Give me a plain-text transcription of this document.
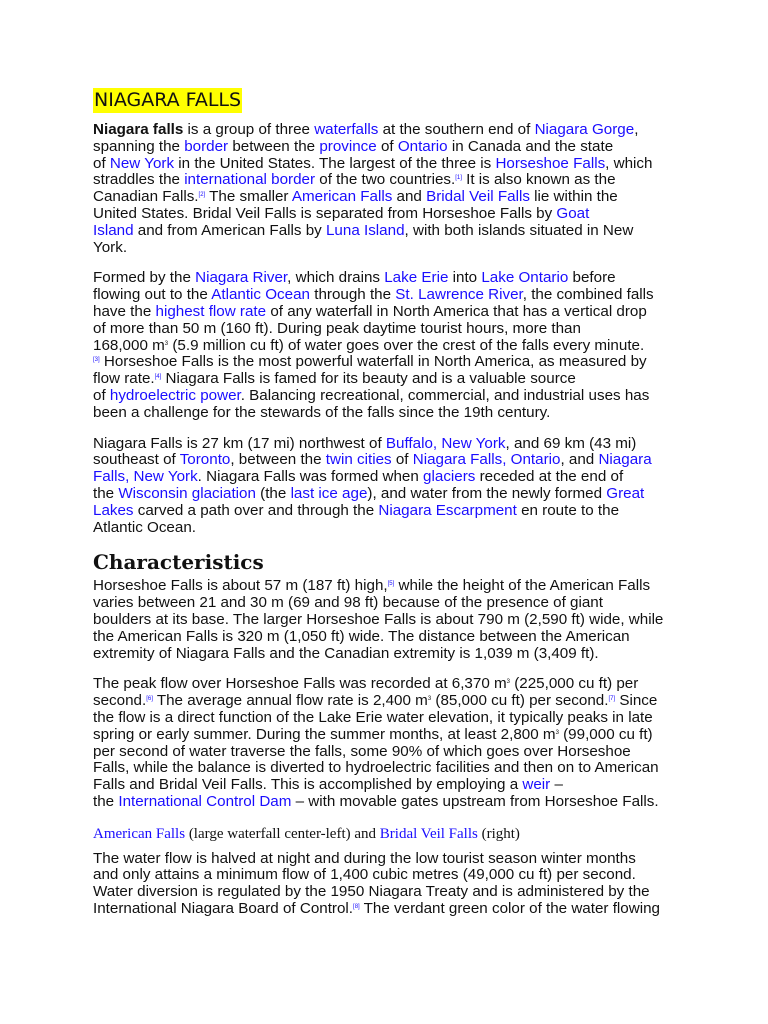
NIAGARA FALLS

Niagara falls is a group of three waterfalls at the southern end of Niagara Gorge,
spanning the border between the province of Ontario in Canada and the state
of New York in the United States. The largest of the three is Horseshoe Falls, which
straddles the international border of the two countries.[1] It is also known as the
Canadian Falls.[2] The smaller American Falls and Bridal Veil Falls lie within the
United States. Bridal Veil Falls is separated from Horseshoe Falls by Goat
Island and from American Falls by Luna Island, with both islands situated in New
York.

Formed by the Niagara River, which drains Lake Erie into Lake Ontario before
flowing out to the Atlantic Ocean through the St. Lawrence River, the combined falls
have the highest flow rate of any waterfall in North America that has a vertical drop
of more than 50 m (160 ft). During peak daytime tourist hours, more than
168,000 $m^3$ (5.9 million cu ft) of water goes over the crest of the falls every minute.
[3] Horseshoe Falls is the most powerful waterfall in North America, as measured by
flow rate.[4] Niagara Falls is famed for its beauty and is a valuable source
of hydroelectric power. Balancing recreational, commercial, and industrial uses has
been a challenge for the stewards of the falls since the 19th century.

Niagara Falls is 27 km (17 mi) northwest of Buffalo, New York, and 69 km (43 mi)
southeast of Toronto, between the twin cities of Niagara Falls, Ontario, and Niagara
Falls, New York. Niagara Falls was formed when glaciers receded at the end of
the Wisconsin glaciation (the last ice age), and water from the newly formed Great
Lakes carved a path over and through the Niagara Escarpment en route to the
Atlantic Ocean.

Characteristics

Horseshoe Falls is about 57 m (187 ft) high,[5] while the height of the American Falls
varies between 21 and 30 m (69 and 98 ft) because of the presence of giant
boulders at its base. The larger Horseshoe Falls is about 790 m (2,590 ft) wide, while
the American Falls is 320 m (1,050 ft) wide. The distance between the American
extremity of Niagara Falls and the Canadian extremity is 1,039 m (3,409 ft).

The peak flow over Horseshoe Falls was recorded at 6,370 $m^3$ (225,000 cu ft) per
second.[6] The average annual flow rate is 2,400 $m^3$ (85,000 cu ft) per second.[7] Since
the flow is a direct function of the Lake Erie water elevation, it typically peaks in late
spring or early summer. During the summer months, at least 2,800 $m^3$ (99,000 cu ft)
per second of water traverse the falls, some 90% of which goes over Horseshoe
Falls, while the balance is diverted to hydroelectric facilities and then on to American
Falls and Bridal Veil Falls. This is accomplished by employing a weir –
the International Control Dam – with movable gates upstream from Horseshoe Falls.

American Falls (large waterfall center-left) and Bridal Veil Falls (right)

The water flow is halved at night and during the low tourist season winter months
and only attains a minimum flow of 1,400 cubic metres (49,000 cu ft) per second.
Water diversion is regulated by the 1950 Niagara Treaty and is administered by the
International Niagara Board of Control.[8] The verdant green color of the water flowing
